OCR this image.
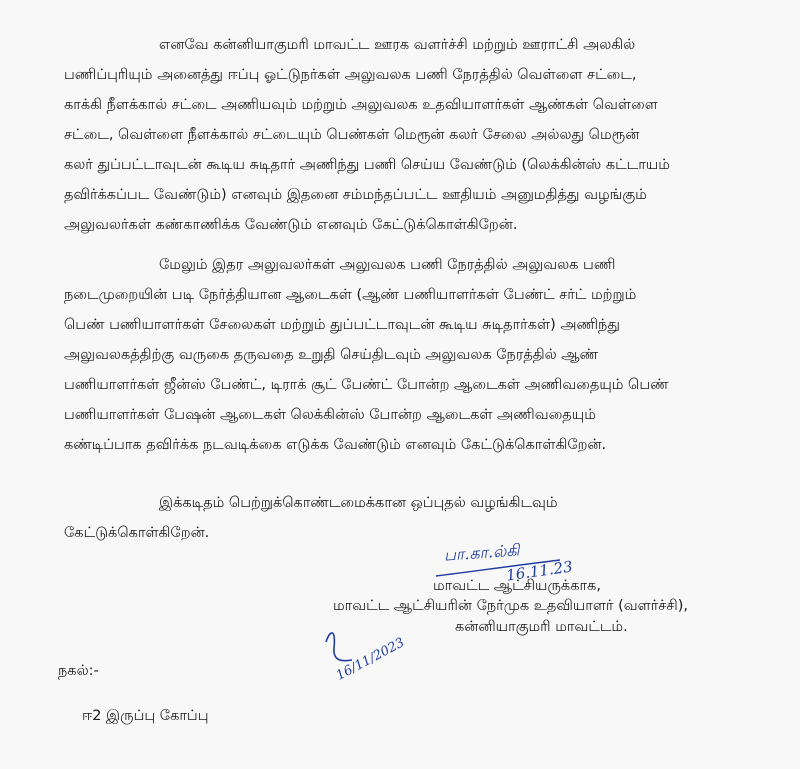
எனவே கன்னியாகுமரி மாவட்ட ஊரக வளர்ச்சி மற்றும் ஊராட்சி அலகில்
பணிப்புரியும் அனைத்து ஈப்பு ஓட்டுநர்கள் அலுவலக பணி நேரத்தில் வெள்ளை சட்டை,
காக்கி நீளக்கால் சட்டை அணியவும் மற்றும் அலுவலக உதவியாளர்கள் ஆண்கள் வெள்ளை
சட்டை, வெள்ளை நீளக்கால் சட்டையும் பெண்கள் மெரூன் கலர் சேலை அல்லது மெரூன்
கலர் துப்பட்டாவுடன் கூடிய சுடிதார் அணிந்து பணி செய்ய வேண்டும் (லெக்கின்ஸ் கட்டாயம்
தவிர்க்கப்பட வேண்டும்) எனவும் இதனை சம்மந்தப்பட்ட ஊதியம் அனுமதித்து வழங்கும்
அலுவலர்கள் கண்காணிக்க வேண்டும் எனவும் கேட்டுக்கொள்கிறேன்.
மேலும் இதர அலுவலர்கள் அலுவலக பணி நேரத்தில் அலுவலக பணி
நடைமுறையின் படி நேர்த்தியான ஆடைகள் (ஆண் பணியாளர்கள் பேண்ட் சர்ட் மற்றும்
பெண் பணியாளர்கள் சேலைகள் மற்றும் துப்பட்டாவுடன் கூடிய சுடிதார்கள்) அணிந்து
அலுவலகத்திற்கு வருகை தருவதை உறுதி செய்திடவும் அலுவலக நேரத்தில் ஆண்
பணியாளர்கள் ஜீன்ஸ் பேண்ட், டிராக் சூட் பேண்ட் போன்ற ஆடைகள் அணிவதையும் பெண்
பணியாளர்கள் பேஷன் ஆடைகள் லெக்கின்ஸ் போன்ற ஆடைகள் அணிவதையும்
கண்டிப்பாக தவிர்க்க நடவடிக்கை எடுக்க வேண்டும் எனவும் கேட்டுக்கொள்கிறேன்.
இக்கடிதம் பெற்றுக்கொண்டமைக்கான ஒப்புதல் வழங்கிடவும்
கேட்டுக்கொள்கிறேன்.
பா.கா.ல்கி
16.11.23
மாவட்ட ஆட்சியருக்காக,
மாவட்ட ஆட்சியரின் நேர்முக உதவியாளர் (வளர்ச்சி),
கன்னியாகுமரி மாவட்டம்.
16/11/2023
நகல்:-
ஈ2 இருப்பு கோப்பு
